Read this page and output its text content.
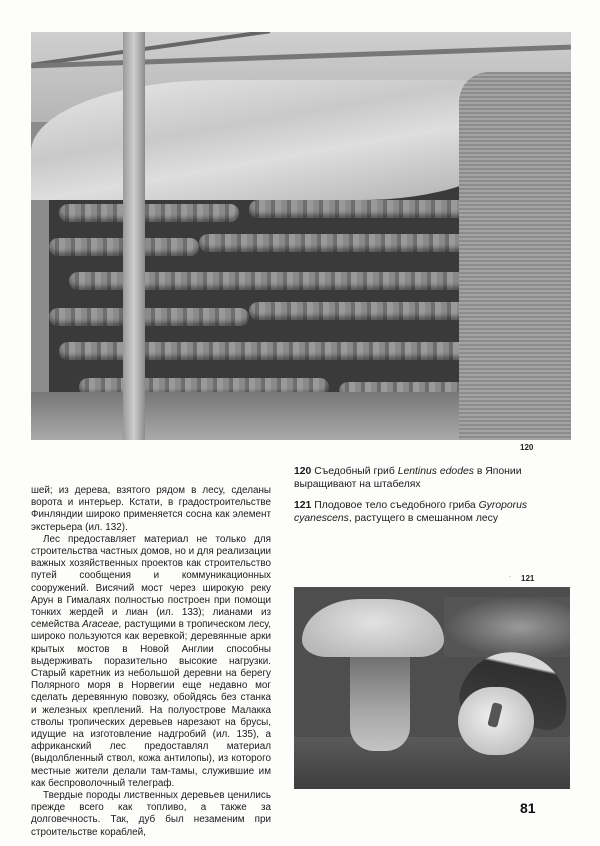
120
120 Съедобный гриб Lentinus edodes в Японии выращивают на штабелях
121 Плодовое тело съедобного гриба Gyroporus cyanescens, растущего в смешанном лесу
· 121

шей; из дерева, взятого рядом в лесу, сделаны ворота и интерьер. Кстати, в градостроительстве Финляндии широко применяется сосна как элемент экстерьера (ил. 132).

Лес предоставляет материал не только для строительства частных домов, но и для реализации важных хозяйственных проектов как строительство путей сообщения и коммуникационных сооружений. Висячий мост через широкую реку Арун в Гималаях полностью построен при помощи тонких жердей и лиан (ил. 133); лианами из семейства Araceae, растущими в тропическом лесу, широко пользуются как веревкой; деревянные арки крытых мостов в Новой Англии способны выдерживать поразительно высокие нагрузки. Старый каретник из небольшой деревни на берегу Полярного моря в Норвегии еще недавно мог сделать деревянную повозку, обойдясь без станка и железных креплений. На полуострове Малакка стволы тропических деревьев нарезают на брусы, идущие на изготовление надгробий (ил. 135), а африканский лес предоставлял материал (выдолбленный ствол, кожа антилопы), из которого местные жители делали там-тамы, служившие им как беспроволочный телеграф.

Твердые породы лиственных деревьев ценились прежде всего как топливо, а также за долговечность. Так, дуб был незаменим при строительстве кораблей,

81
